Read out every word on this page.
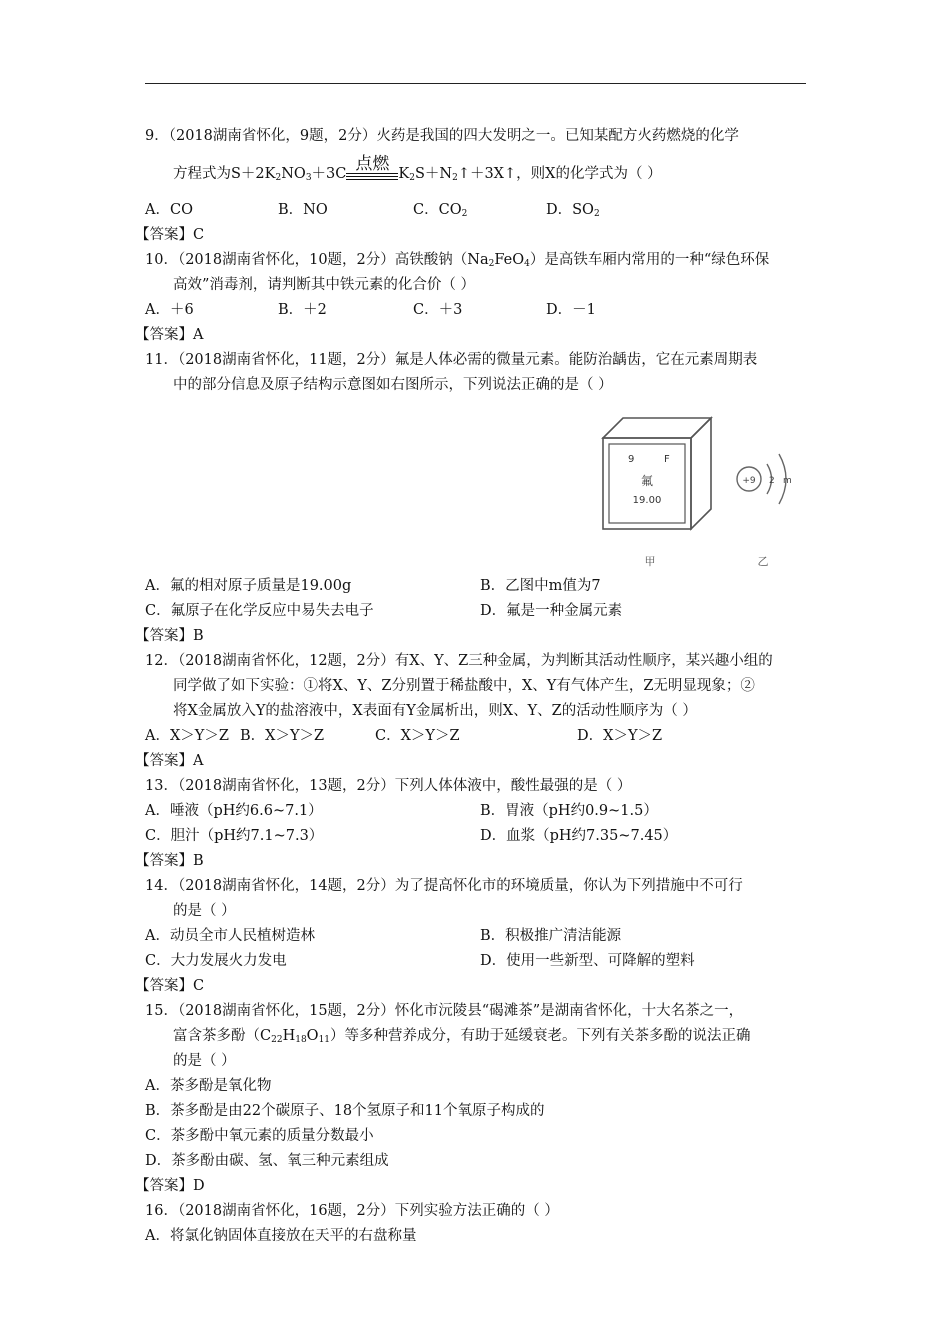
9．（2018湖南省怀化，9题，2分）火药是我国的四大发明之一。已知某配方火药燃烧的化学
方程式为$S+2K_2NO_3+3C$ 点燃 $K_2S+N_2↑+3X↑$，则X的化学式为（ ）
A．CO	B．NO	C．$CO_2$	D．$SO_2$
【答案】C
10．（2018湖南省怀化，10题，2分）高铁酸钠$(Na_2FeO_4)$是高铁车厢内常用的一种“绿色环保
高效”消毒剂，请判断其中铁元素的化合价（ ）
A．＋6	B．＋2	C．＋3	D．－1
【答案】A
11．（2018湖南省怀化，11题，2分）氟是人体必需的微量元素。能防治龋齿，它在元素周期表
中的部分信息及原子结构示意图如右图所示，下列说法正确的是（ ）
9	F
氟
19.00
+9 2 m
甲	乙
A．氟的相对原子质量是19.00g	B．乙图中m值为7
C．氟原子在化学反应中易失去电子	D．氟是一种金属元素
【答案】B
12．（2018湖南省怀化，12题，2分）有X、Y、Z三种金属，为判断其活动性顺序，某兴趣小组的
同学做了如下实验：①将X、Y、Z分别置于稀盐酸中，X、Y有气体产生，Z无明显现象；②
将X金属放入Y的盐溶液中，X表面有Y金属析出，则X、Y、Z的活动性顺序为（ ）
A．X＞Y＞Z B．X＞Y＞Z	C．X＞Y＞Z	D．X＞Y＞Z
【答案】A
13．（2018湖南省怀化，13题，2分）下列人体体液中，酸性最强的是（ ）
A．唾液（pH约6.6~7.1）	B．胃液（pH约0.9~1.5）
C．胆汁（pH约7.1~7.3）	D．血浆（pH约7.35~7.45）
【答案】B
14．（2018湖南省怀化，14题，2分）为了提高怀化市的环境质量，你认为下列措施中不可行
的是（ ）
A．动员全市人民植树造林	B．积极推广清洁能源
C．大力发展火力发电	D．使用一些新型、可降解的塑料
【答案】C
15．（2018湖南省怀化，15题，2分）怀化市沅陵县“碣滩茶”是湖南省怀化，十大名茶之一，
富含茶多酚$(C_{22}H_{18}O_{11})$等多种营养成分，有助于延缓衰老。下列有关茶多酚的说法正确
的是（ ）
A．茶多酚是氧化物
B．茶多酚是由22个碳原子、18个氢原子和11个氧原子构成的
C．茶多酚中氧元素的质量分数最小
D．茶多酚由碳、氢、氧三种元素组成
【答案】D
16．（2018湖南省怀化，16题，2分）下列实验方法正确的（ ）
A．将氯化钠固体直接放在天平的右盘称量
